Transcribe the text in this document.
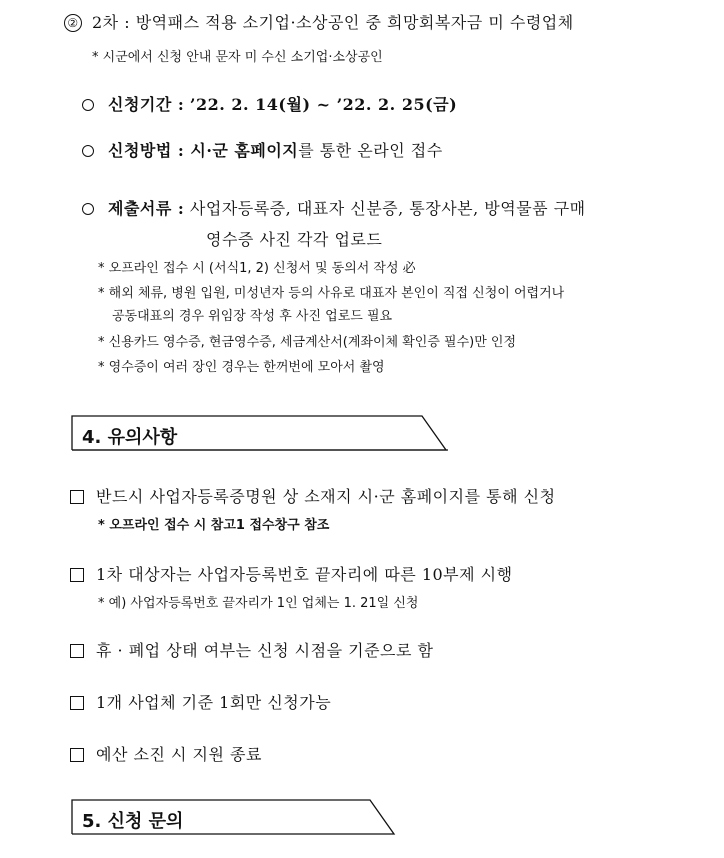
② 2차 : 방역패스 적용 소기업·소상공인 중 희망회복자금 미 수령업체
* 시군에서 신청 안내 문자 미 수신 소기업·소상공인
신청기간 : ’22. 2. 14(월) ~ ’22. 2. 25(금)
신청방법 : 시·군 홈페이지를 통한 온라인 접수
제출서류 : 사업자등록증, 대표자 신분증, 통장사본, 방역물품 구매
영수증 사진 각각 업로드
* 오프라인 접수 시 (서식1, 2) 신청서 및 동의서 작성 必
* 해외 체류, 병원 입원, 미성년자 등의 사유로 대표자 본인이 직접 신청이 어렵거나
공동대표의 경우 위임장 작성 후 사진 업로드 필요
* 신용카드 영수증, 현금영수증, 세금계산서(계좌이체 확인증 필수)만 인정
* 영수증이 여러 장인 경우는 한꺼번에 모아서 촬영
4. 유의사항
반드시 사업자등록증명원 상 소재지 시·군 홈페이지를 통해 신청
* 오프라인 접수 시 참고1 접수창구 참조
1차 대상자는 사업자등록번호 끝자리에 따른 10부제 시행
* 예) 사업자등록번호 끝자리가 1인 업체는 1. 21일 신청
휴 · 폐업 상태 여부는 신청 시점을 기준으로 함
1개 사업체 기준 1회만 신청가능
예산 소진 시 지원 종료
5. 신청 문의
